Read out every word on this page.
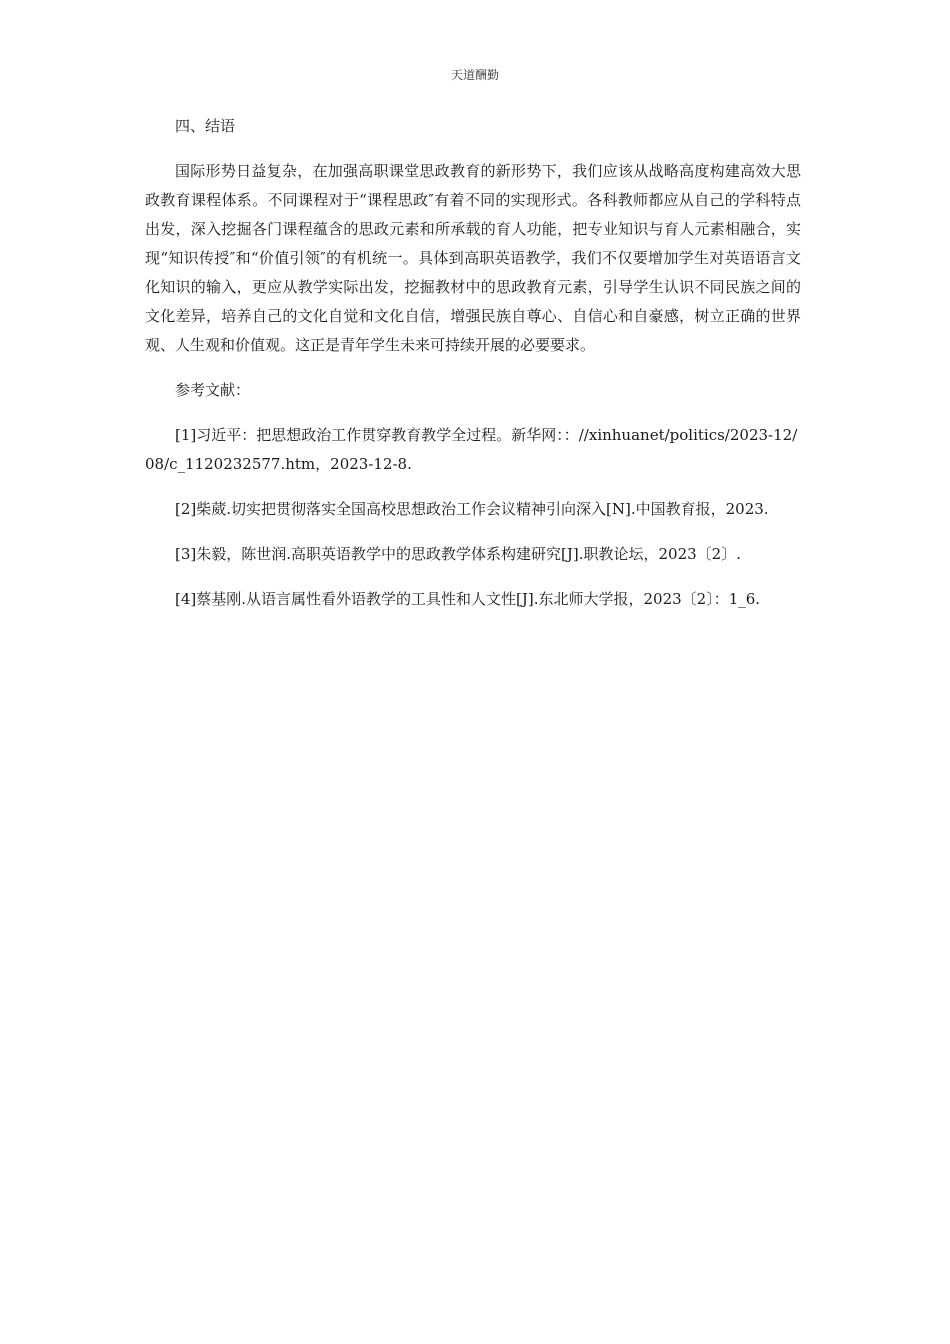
天道酬勤

四、结语

国际形势日益复杂，在加强高职课堂思政教育的新形势下，我们应该从战略高度构建高效大思政教育课程体系。不同课程对于“课程思政″有着不同的实现形式。各科教师都应从自己的学科特点出发，深入挖掘各门课程蕴含的思政元素和所承载的育人功能，把专业知识与育人元素相融合，实现“知识传授″和“价值引领″的有机统一。具体到高职英语教学，我们不仅要增加学生对英语语言文化知识的输入，更应从教学实际出发，挖掘教材中的思政教育元素，引导学生认识不同民族之间的文化差异，培养自己的文化自觉和文化自信，增强民族自尊心、自信心和自豪感，树立正确的世界观、人生观和价值观。这正是青年学生未来可持续开展的必要要求。

参考文献：

[1]习近平：把思想政治工作贯穿教育教学全过程。新华网：：//xinhuanet/politics/2023-12/08/c_1120232577.htm，2023-12-8.

[2]柴葳.切实把贯彻落实全国高校思想政治工作会议精神引向深入[N].中国教育报，2023.

[3]朱毅，陈世润.高职英语教学中的思政教学体系构建研究[J].职教论坛，2023〔2〕.

[4]蔡基刚.从语言属性看外语教学的工具性和人文性[J].东北师大学报，2023〔2〕：1_6.
